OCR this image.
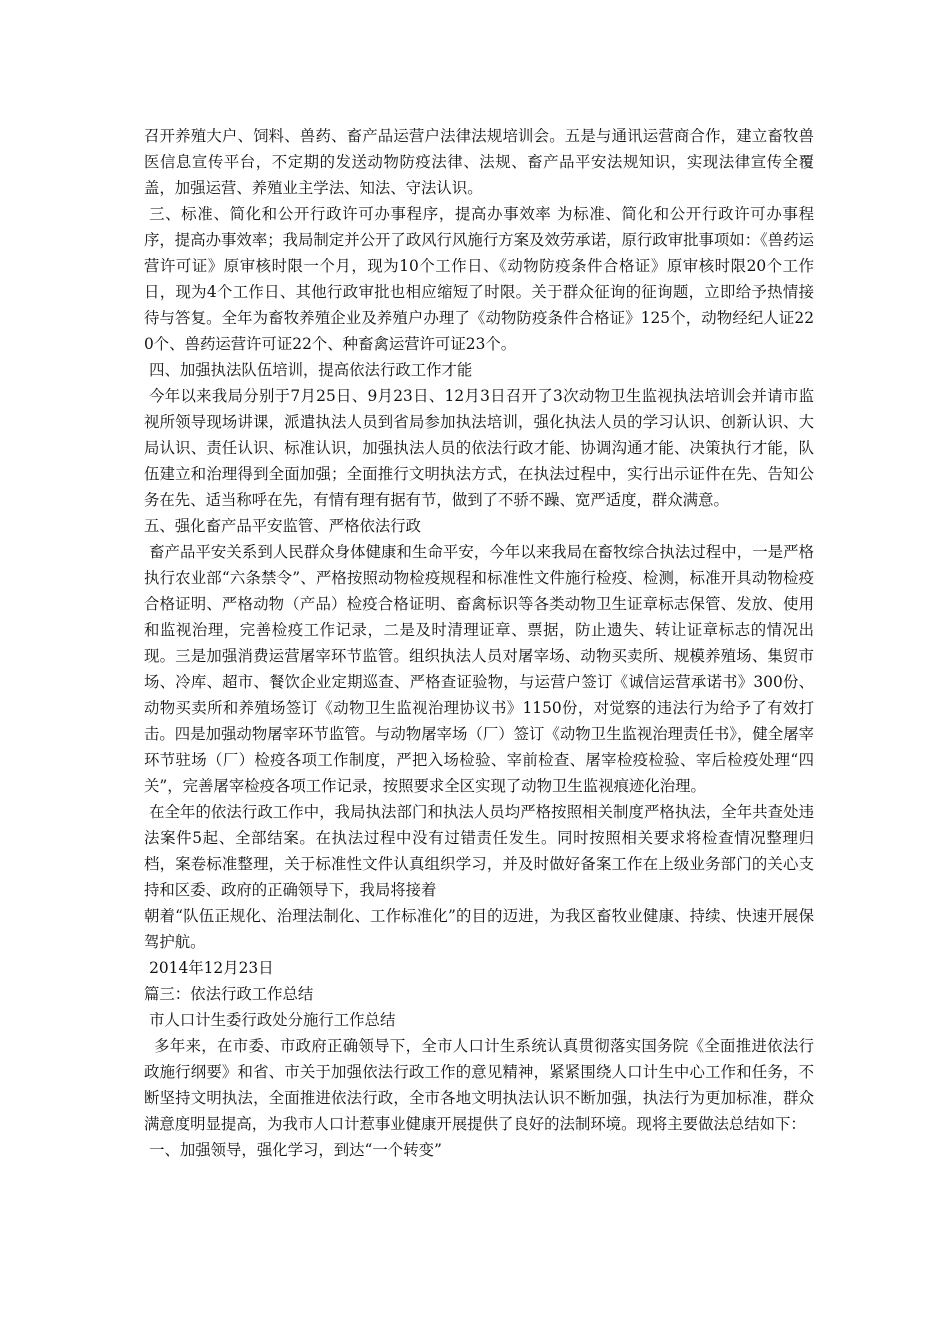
召开养殖大户、饲料、兽药、畜产品运营户法律法规培训会。五是与通讯运营商合作，建立畜牧兽医信息宣传平台，不定期的发送动物防疫法律、法规、畜产品平安法规知识，实现法律宣传全覆盖，加强运营、养殖业主学法、知法、守法认识。

三、标准、简化和公开行政许可办事程序，提高办事效率 为标准、简化和公开行政许可办事程序，提高办事效率；我局制定并公开了政风行风施行方案及效劳承诺，原行政审批事项如：《兽药运营许可证》原审核时限一个月，现为10个工作日、《动物防疫条件合格证》原审核时限20个工作日，现为4个工作日、其他行政审批也相应缩短了时限。关于群众征询的征询题，立即给予热情接待与答复。全年为畜牧养殖企业及养殖户办理了《动物防疫条件合格证》125个，动物经纪人证220个、兽药运营许可证22个、种畜禽运营许可证23个。

四、加强执法队伍培训，提高依法行政工作才能

今年以来我局分别于7月25日、9月23日、12月3日召开了3次动物卫生监视执法培训会并请市监视所领导现场讲课，派遣执法人员到省局参加执法培训，强化执法人员的学习认识、创新认识、大局认识、责任认识、标准认识，加强执法人员的依法行政才能、协调沟通才能、决策执行才能，队伍建立和治理得到全面加强；全面推行文明执法方式，在执法过程中，实行出示证件在先、告知公务在先、适当称呼在先，有情有理有据有节，做到了不骄不躁、宽严适度，群众满意。

五、强化畜产品平安监管、严格依法行政

畜产品平安关系到人民群众身体健康和生命平安，今年以来我局在畜牧综合执法过程中，一是严格执行农业部“六条禁令”、严格按照动物检疫规程和标准性文件施行检疫、检测，标准开具动物检疫合格证明、严格动物（产品）检疫合格证明、畜禽标识等各类动物卫生证章标志保管、发放、使用和监视治理，完善检疫工作记录，二是及时清理证章、票据，防止遗失、转让证章标志的情况出现。三是加强消费运营屠宰环节监管。组织执法人员对屠宰场、动物买卖所、规模养殖场、集贸市场、冷库、超市、餐饮企业定期巡查、严格查证验物，与运营户签订《诚信运营承诺书》300份、动物买卖所和养殖场签订《动物卫生监视治理协议书》1150份，对觉察的违法行为给予了有效打击。四是加强动物屠宰环节监管。与动物屠宰场（厂）签订《动物卫生监视治理责任书》，健全屠宰环节驻场（厂）检疫各项工作制度，严把入场检验、宰前检查、屠宰检疫检验、宰后检疫处理“四关”，完善屠宰检疫各项工作记录，按照要求全区实现了动物卫生监视痕迹化治理。

在全年的依法行政工作中，我局执法部门和执法人员均严格按照相关制度严格执法，全年共查处违法案件5起、全部结案。在执法过程中没有过错责任发生。同时按照相关要求将检查情况整理归档，案卷标准整理，关于标准性文件认真组织学习，并及时做好备案工作在上级业务部门的关心支持和区委、政府的正确领导下，我局将接着

朝着“队伍正规化、治理法制化、工作标准化”的目的迈进，为我区畜牧业健康、持续、快速开展保驾护航。

2014年12月23日

篇三：依法行政工作总结

市人口计生委行政处分施行工作总结

多年来，在市委、市政府正确领导下，全市人口计生系统认真贯彻落实国务院《全面推进依法行政施行纲要》和省、市关于加强依法行政工作的意见精神，紧紧围绕人口计生中心工作和任务，不断坚持文明执法，全面推进依法行政，全市各地文明执法认识不断加强，执法行为更加标准，群众满意度明显提高，为我市人口计惹事业健康开展提供了良好的法制环境。现将主要做法总结如下：

一、加强领导，强化学习，到达“一个转变”
